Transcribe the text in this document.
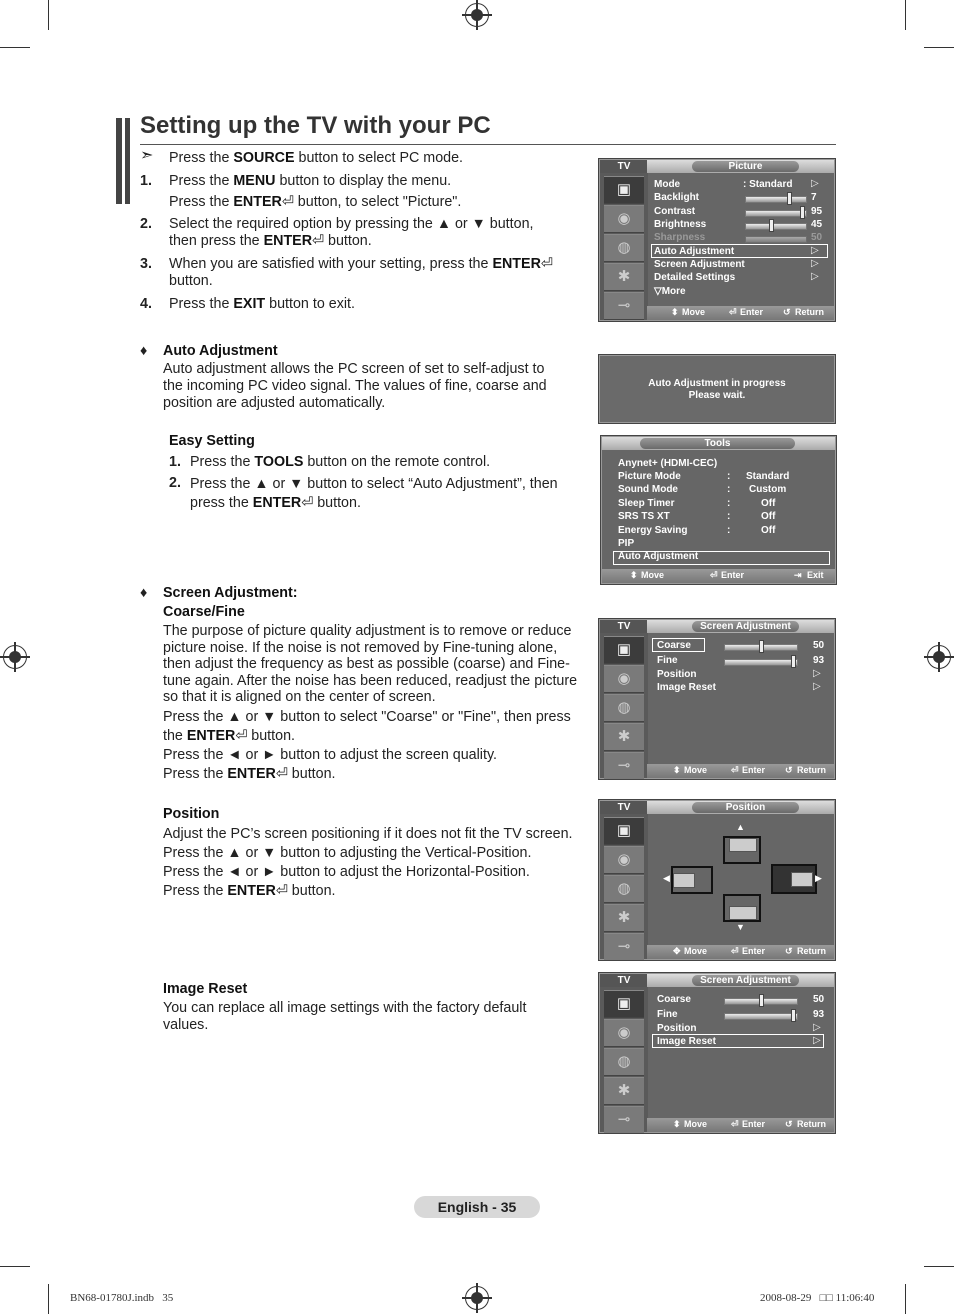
Setting up the TV with your PC
➣ Press the SOURCE button to select PC mode.
1. Press the MENU button to display the menu.
Press the ENTER⏎ button, to select "Picture".
2. Select the required option by pressing the ▲ or ▼ button,
then press the ENTER⏎ button.
3. When you are satisfied with your setting, press the ENTER⏎
button.
4. Press the EXIT button to exit.
♦ Auto Adjustment
Auto adjustment allows the PC screen of set to self-adjust to
the incoming PC video signal. The values of fine, coarse and
position are adjusted automatically.
Easy Setting
1. Press the TOOLS button on the remote control.
2. Press the ▲ or ▼ button to select “Auto Adjustment”, then
press the ENTER⏎ button.
♦ Screen Adjustment:
Coarse/Fine
The purpose of picture quality adjustment is to remove or reduce
picture noise. If the noise is not removed by Fine-tuning alone,
then adjust the frequency as best as possible (coarse) and Fine-
tune again. After the noise has been reduced, readjust the picture
so that it is aligned on the center of screen.
Press the ▲ or ▼ button to select "Coarse" or "Fine", then press
the ENTER⏎ button.
Press the ◄ or ► button to adjust the screen quality.
Press the ENTER⏎ button.
Position
Adjust the PC’s screen positioning if it does not fit the TV screen.
Press the ▲ or ▼ button to adjusting the Vertical-Position.
Press the ◄ or ► button to adjust the Horizontal-Position.
Press the ENTER⏎ button.
Image Reset
You can replace all image settings with the factory default
values.
TV	Picture
▣
◉
◍
✱
⊸
Mode	: Standard ▷
Backlight	7
Contrast	95
Brightness	45
Sharpness	50
Auto Adjustment	▷
Screen Adjustment	▷
Detailed Settings	▷
▽More
⬍ Move	⏎ Enter ↺ Return
Auto Adjustment in progress
Please wait.
Tools
Anynet+ (HDMI-CEC)
Picture Mode	: Standard
Sound Mode	: Custom
Sleep Timer	:	Off
SRS TS XT	:	Off
Energy Saving	:	Off
PIP
Auto Adjustment
⬍ Move	⏎ Enter	⇥ Exit
TV	Screen Adjustment
▣
◉
◍
✱
⊸
Coarse	50
Fine	93
Position	▷
Image Reset	▷
⬍ Move	⏎ Enter ↺ Return
TV	Position
▣
◉
◍
✱
⊸
▲
◀	▶
▼
✥ Move	⏎ Enter ↺ Return
TV	Screen Adjustment
▣
◉
◍
✱
⊸
Coarse	50
Fine	93
Position	▷
Image Reset	▷
⬍ Move	⏎ Enter ↺ Return
English - 35
BN68-01780J.indb   35	2008-08-29   □□ 11:06:40
